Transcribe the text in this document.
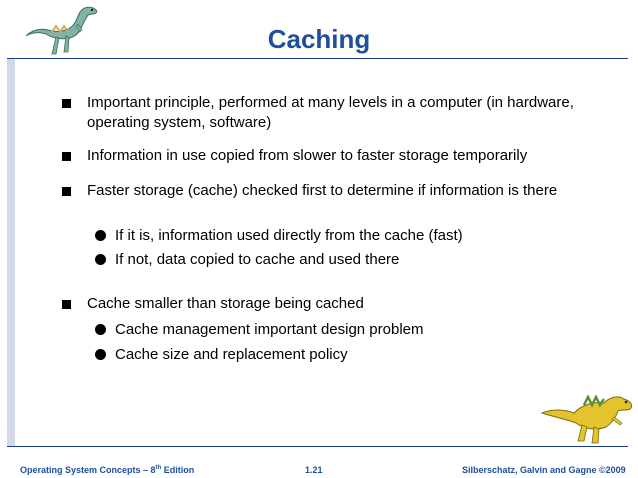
Caching
Important principle, performed at many levels in a computer (in hardware, operating system, software)
Information in use copied from slower to faster storage temporarily
Faster storage (cache) checked first to determine if information is there
If it is, information used directly from the cache (fast)
If not, data copied to cache and used there
Cache smaller than storage being cached
Cache management important design problem
Cache size and replacement policy
Operating System Concepts – 8th Edition	1.21	Silberschatz, Galvin and Gagne ©2009
